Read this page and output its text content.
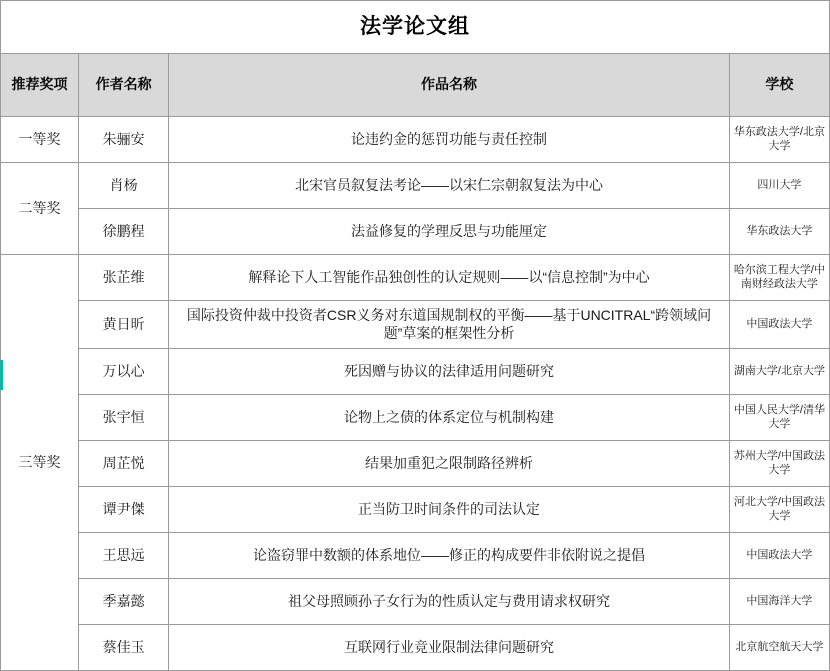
法学论文组			
推荐奖项	作者名称	作品名称	学校
一等奖	朱骊安	论违约金的惩罚功能与责任控制	华东政法大学/北京大学
二等奖	肖杨	北宋官员叙复法考论——以宋仁宗朝叙复法为中心	四川大学
	徐鹏程	法益修复的学理反思与功能厘定	华东政法大学
三等奖	张芷维	解释论下人工智能作品独创性的认定规则——以“信息控制”为中心	哈尔滨工程大学/中南财经政法大学
	黄日昕	国际投资仲裁中投资者CSR义务对东道国规制权的平衡——基于UNCITRAL“跨领域问题”草案的框架性分析	中国政法大学
	万以心	死因赠与协议的法律适用问题研究	湖南大学/北京大学
	张宇恒	论物上之债的体系定位与机制构建	中国人民大学/清华大学
	周芷悦	结果加重犯之限制路径辨析	苏州大学/中国政法大学
	谭尹傑	正当防卫时间条件的司法认定	河北大学/中国政法大学
	王思远	论盗窃罪中数额的体系地位——修正的构成要件非依附说之提倡	中国政法大学
	季嘉懿	祖父母照顾孙子女行为的性质认定与费用请求权研究	中国海洋大学
	蔡佳玉	互联网行业竞业限制法律问题研究	北京航空航天大学
